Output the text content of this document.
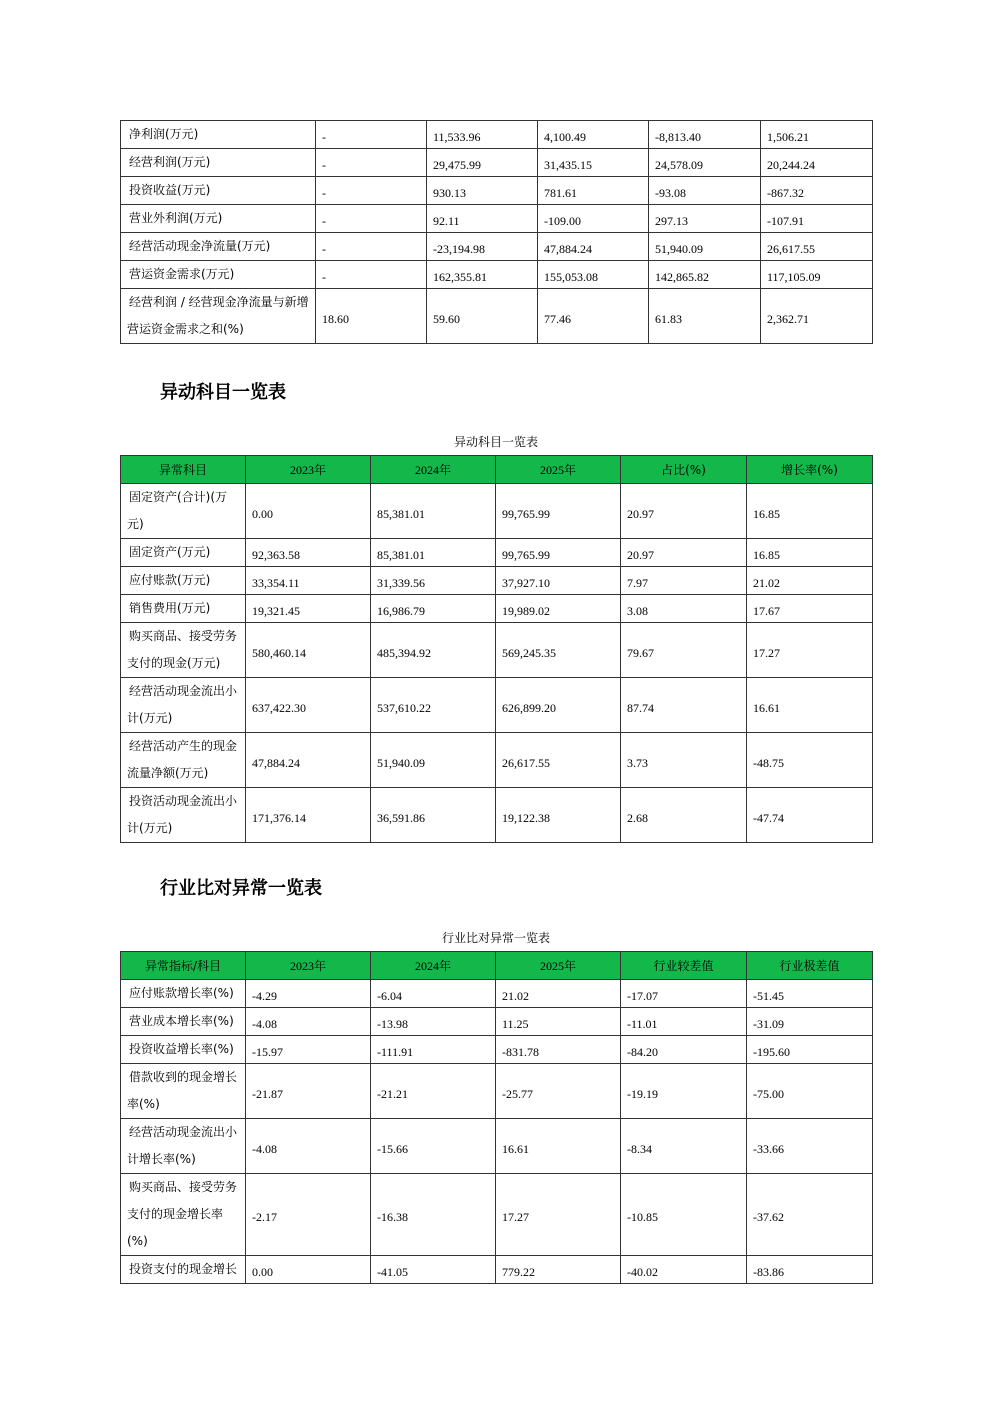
净利润(万元)	-	11,533.96	4,100.49	-8,813.40	1,506.21
经营利润(万元)	-	29,475.99	31,435.15	24,578.09	20,244.24
投资收益(万元)	-	930.13	781.61	-93.08	-867.32
营业外利润(万元)	-	92.11	-109.00	297.13	-107.91
经营活动现金净流量(万元)	-	-23,194.98	47,884.24	51,940.09	26,617.55
营运资金需求(万元)	-	162,355.81	155,053.08	142,865.82	117,105.09
经营利润 / 经营现金净流量与新增营运资金需求之和(%)	18.60	59.60	77.46	61.83	2,362.71
异动科目一览表

异动科目一览表

异常科目	2023年	2024年	2025年	占比(%)	增长率(%)
固定资产(合计)(万元)	0.00	85,381.01	99,765.99	20.97	16.85
固定资产(万元)	92,363.58	85,381.01	99,765.99	20.97	16.85
应付账款(万元)	33,354.11	31,339.56	37,927.10	7.97	21.02
销售费用(万元)	19,321.45	16,986.79	19,989.02	3.08	17.67
购买商品、接受劳务支付的现金(万元)	580,460.14	485,394.92	569,245.35	79.67	17.27
经营活动现金流出小计(万元)	637,422.30	537,610.22	626,899.20	87.74	16.61
经营活动产生的现金流量净额(万元)	47,884.24	51,940.09	26,617.55	3.73	-48.75
投资活动现金流出小计(万元)	171,376.14	36,591.86	19,122.38	2.68	-47.74
行业比对异常一览表

行业比对异常一览表

异常指标/科目	2023年	2024年	2025年	行业较差值	行业极差值
应付账款增长率(%)	-4.29	-6.04	21.02	-17.07	-51.45
营业成本增长率(%)	-4.08	-13.98	11.25	-11.01	-31.09
投资收益增长率(%)	-15.97	-111.91	-831.78	-84.20	-195.60
借款收到的现金增长率(%)	-21.87	-21.21	-25.77	-19.19	-75.00
经营活动现金流出小计增长率(%)	-4.08	-15.66	16.61	-8.34	-33.66
购买商品、接受劳务支付的现金增长率(%)	-2.17	-16.38	17.27	-10.85	-37.62
投资支付的现金增长	0.00	-41.05	779.22	-40.02	-83.86
